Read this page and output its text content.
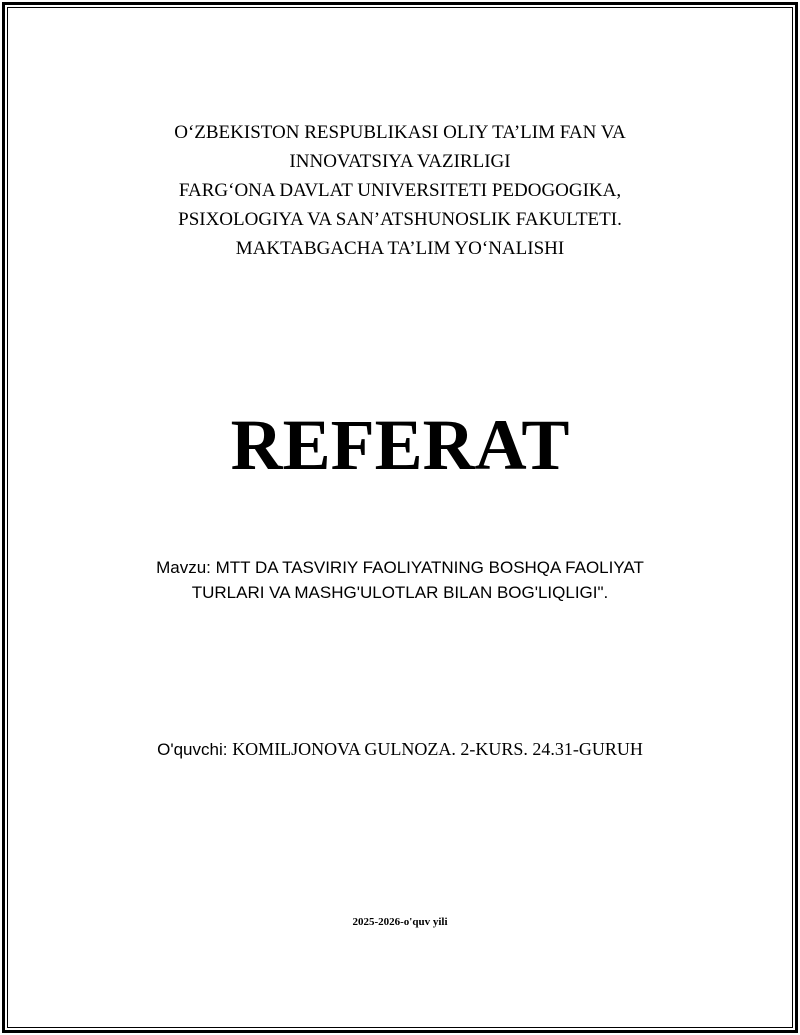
O‘ZBEKISTON RESPUBLIKASI OLIY TA’LIM FAN VA
INNOVATSIYA VAZIRLIGI
FARG‘ONA DAVLAT UNIVERSITETI PEDOGOGIKA,
PSIXOLOGIYA VA SAN’ATSHUNOSLIK FAKULTETI.
MAKTABGACHA TA’LIM YO‘NALISHI
REFERAT
Mavzu: MTT DA TASVIRIY FAOLIYATNING BOSHQA FAOLIYAT
TURLARI VA MASHG'ULOTLAR BILAN BOG'LIQLIGI".
O'quvchi: KOMILJONOVA GULNOZA. 2-KURS. 24.31-GURUH
2025-2026-o'quv yili
